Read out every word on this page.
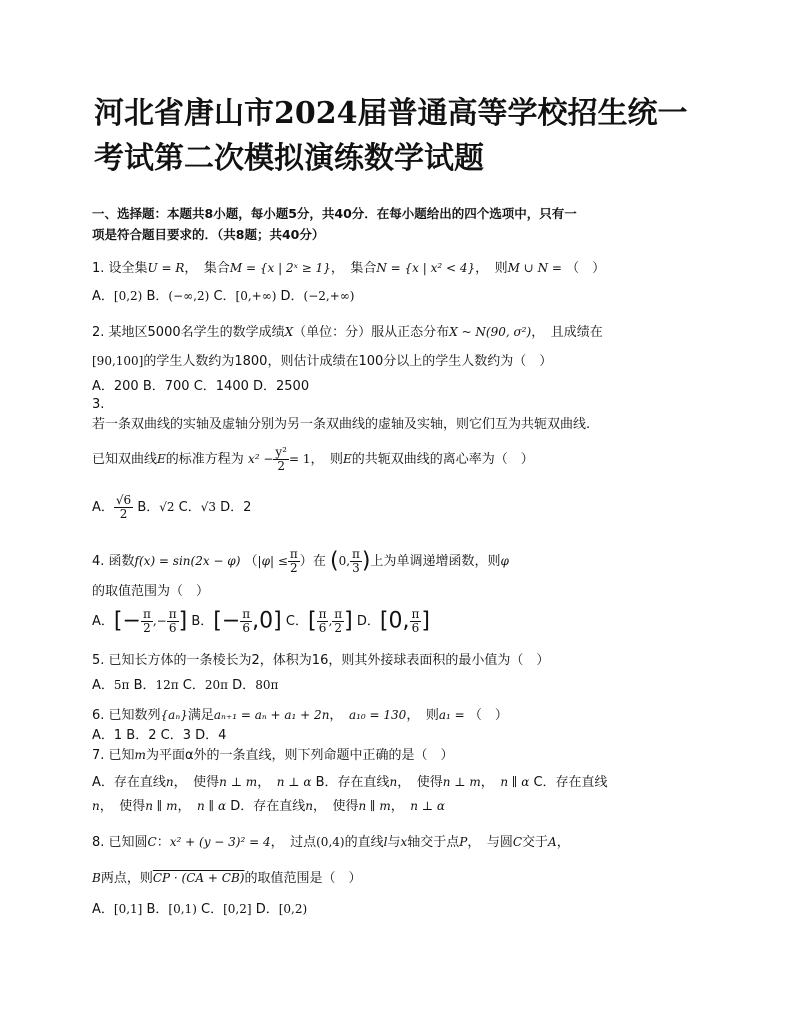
河北省唐山市2024届普通高等学校招生统一
考试第二次模拟演练数学试题
一、选择题：本题共8小题，每小题5分，共40分．在每小题给出的四个选项中，只有一
项是符合题目要求的．（共8题；共40分）
1. 设全集U = R，　集合M = {x | 2ˣ ≥ 1}，　集合N = {x | x² < 4}，　则M ∪ N = （　）
A．[0,2) B．(−∞,2) C．[0,+∞) D．(−2,+∞)
2. 某地区5000名学生的数学成绩X（单位：分）服从正态分布X ~ N(90, σ²)，　且成绩在
[90,100]的学生人数约为1800，则估计成绩在100分以上的学生人数约为（　）
A．200 B．700 C．1400 D．2500
3.
若一条双曲线的实轴及虚轴分别为另一条双曲线的虚轴及实轴，则它们互为共轭双曲线.
已知双曲线E的标准方程为 $x^2 - \frac{\text{y²}}{2} = 1$，　则E的共轭双曲线的离心率为（　）
A． $\frac{√6}{2}$ B．√2 C．√3 D．2
4. 函数f(x) = sin(2x − φ) （$|\varphi| \le \frac{\pi}{2}$ ）在 (0, $\frac{\pi}{3}$ )上为单调递增函数，则φ
的取值范围为（　）
A．[− $\frac{\pi}{2}$ ,− $\frac{\pi}{6}$ ] B．[− $\frac{\pi}{6} ,0$] C．[ $\frac{\pi}{6}$ , $\frac{\pi}{2}$ ] D．[0, $\frac{\pi}{6}$ ]
5. 已知长方体的一条棱长为2，体积为16，则其外接球表面积的最小值为（　）
A．5π B．12π C．20π D．80π
6. 已知数列{aₙ}满足aₙ₊₁ = aₙ + a₁ + 2n，　 a₁₀ = 130，　则a₁ = （　）
A．1 B．2 C．3 D．4
7. 已知m为平面α外的一条直线，则下列命题中正确的是（　）
A．存在直线n，　使得n ⊥ m，　n ⊥ α B．存在直线n，　使得n ⊥ m，　n ∥ α C．存在直线
n，　使得n ∥ m，　n ∥ α D．存在直线n，　使得n ∥ m，　n ⊥ α
8. 已知圆C：x² + (y − 3)² = 4，　过点(0,4)的直线l与x轴交于点P，　与圆C交于A，
B两点，则CP · (CA + CB)的取值范围是（　）
A．[0,1] B．[0,1) C．[0,2] D．[0,2)
